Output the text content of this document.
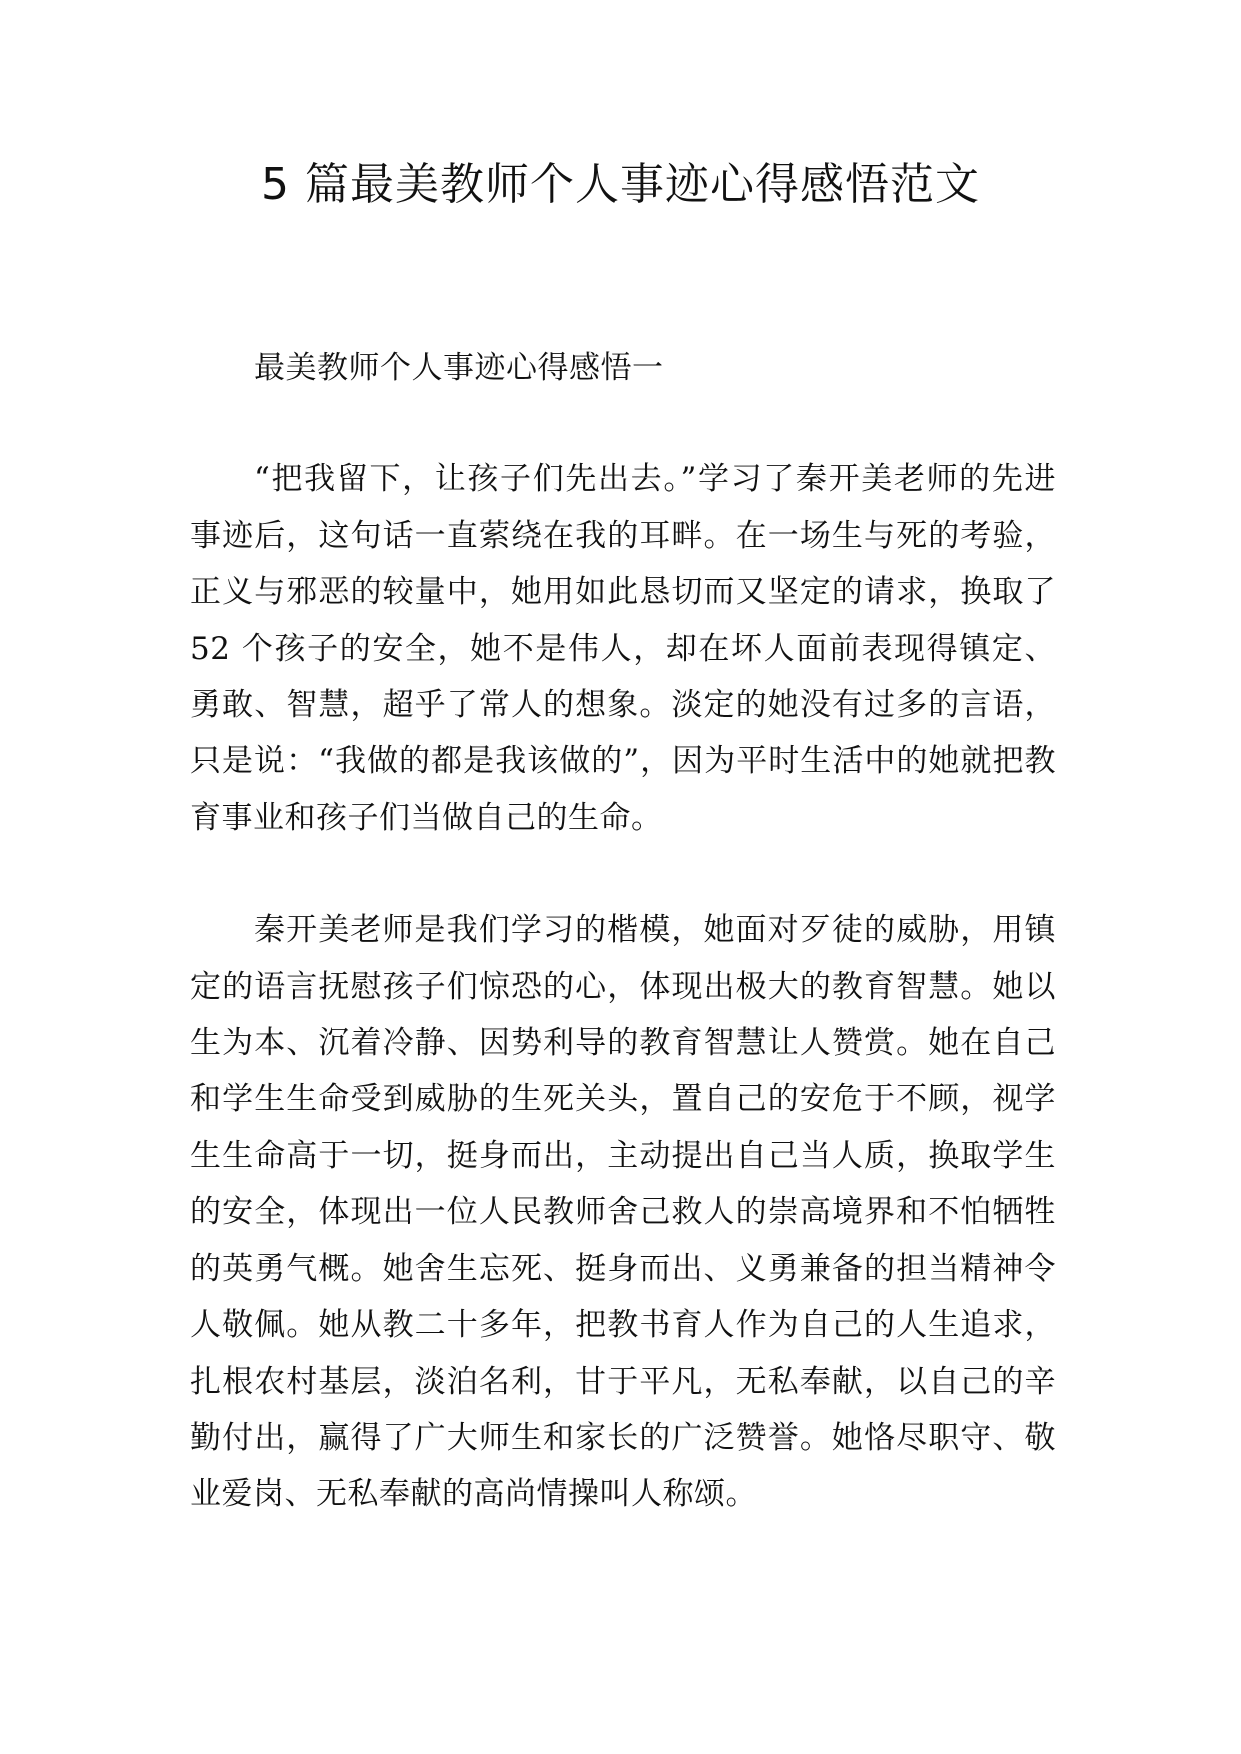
5 篇最美教师个人事迹心得感悟范文

最美教师个人事迹心得感悟一

“把我留下，让孩子们先出去。”学习了秦开美老师的先进事迹后，这句话一直萦绕在我的耳畔。在一场生与死的考验，正义与邪恶的较量中，她用如此恳切而又坚定的请求，换取了 52 个孩子的安全，她不是伟人，却在坏人面前表现得镇定、勇敢、智慧，超乎了常人的想象。淡定的她没有过多的言语，只是说：“我做的都是我该做的”，因为平时生活中的她就把教育事业和孩子们当做自己的生命。

秦开美老师是我们学习的楷模，她面对歹徒的威胁，用镇定的语言抚慰孩子们惊恐的心，体现出极大的教育智慧。她以生为本、沉着冷静、因势利导的教育智慧让人赞赏。她在自己和学生生命受到威胁的生死关头，置自己的安危于不顾，视学生生命高于一切，挺身而出，主动提出自己当人质，换取学生的安全，体现出一位人民教师舍己救人的崇高境界和不怕牺牲的英勇气概。她舍生忘死、挺身而出、义勇兼备的担当精神令人敬佩。她从教二十多年，把教书育人作为自己的人生追求，扎根农村基层，淡泊名利，甘于平凡，无私奉献，以自己的辛勤付出，赢得了广大师生和家长的广泛赞誉。她恪尽职守、敬业爱岗、无私奉献的高尚情操叫人称颂。
